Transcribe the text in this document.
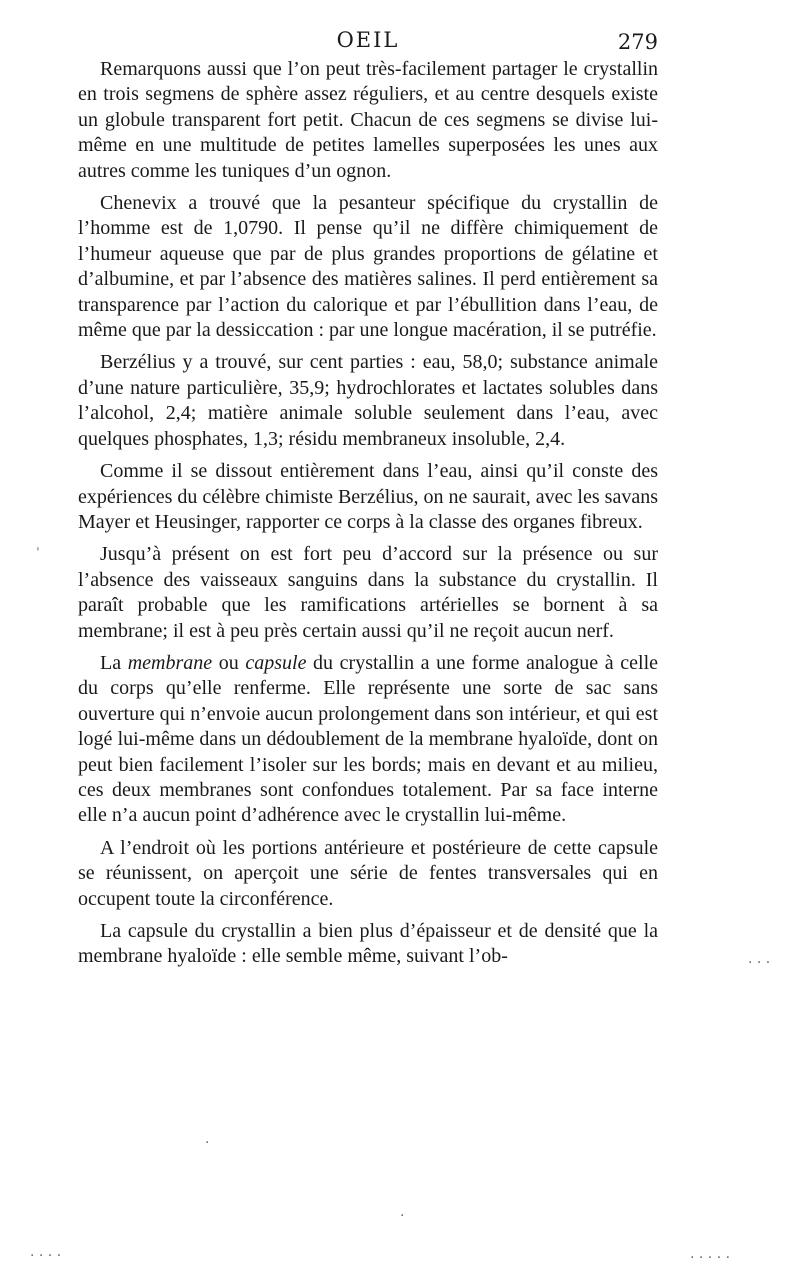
OEIL	279

Remarquons aussi que l’on peut très-facilement partager le crystallin en trois segmens de sphère assez réguliers, et au centre desquels existe un globule transparent fort petit. Chacun de ces segmens se divise lui-même en une multitude de petites lamelles superposées les unes aux autres comme les tuniques d’un ognon.

Chenevix a trouvé que la pesanteur spécifique du crystallin de l’homme est de 1,0790. Il pense qu’il ne diffère chimiquement de l’humeur aqueuse que par de plus grandes proportions de gélatine et d’albumine, et par l’absence des matières salines. Il perd entièrement sa transparence par l’action du calorique et par l’ébullition dans l’eau, de même que par la dessiccation : par une longue macération, il se putréfie.

Berzélius y a trouvé, sur cent parties : eau, 58,0; substance animale d’une nature particulière, 35,9; hydrochlorates et lactates solubles dans l’alcohol, 2,4; matière animale soluble seulement dans l’eau, avec quelques phosphates, 1,3; résidu membraneux insoluble, 2,4.

Comme il se dissout entièrement dans l’eau, ainsi qu’il conste des expériences du célèbre chimiste Berzélius, on ne saurait, avec les savans Mayer et Heusinger, rapporter ce corps à la classe des organes fibreux.

Jusqu’à présent on est fort peu d’accord sur la présence ou sur l’absence des vaisseaux sanguins dans la substance du crystallin. Il paraît probable que les ramifications artérielles se bornent à sa membrane; il est à peu près certain aussi qu’il ne reçoit aucun nerf.

La membrane ou capsule du crystallin a une forme analogue à celle du corps qu’elle renferme. Elle représente une sorte de sac sans ouverture qui n’envoie aucun prolongement dans son intérieur, et qui est logé lui-même dans un dédoublement de la membrane hyaloïde, dont on peut bien facilement l’isoler sur les bords; mais en devant et au milieu, ces deux membranes sont confondues totalement. Par sa face interne elle n’a aucun point d’adhérence avec le crystallin lui-même.

A l’endroit où les portions antérieure et postérieure de cette capsule se réunissent, on aperçoit une série de fentes transversales qui en occupent toute la circonférence.

La capsule du crystallin a bien plus d’épaisseur et de densité que la membrane hyaloïde : elle semble même, suivant l’ob-

ˈ
· · ·
·
·
· · · ·	· · · · ·
